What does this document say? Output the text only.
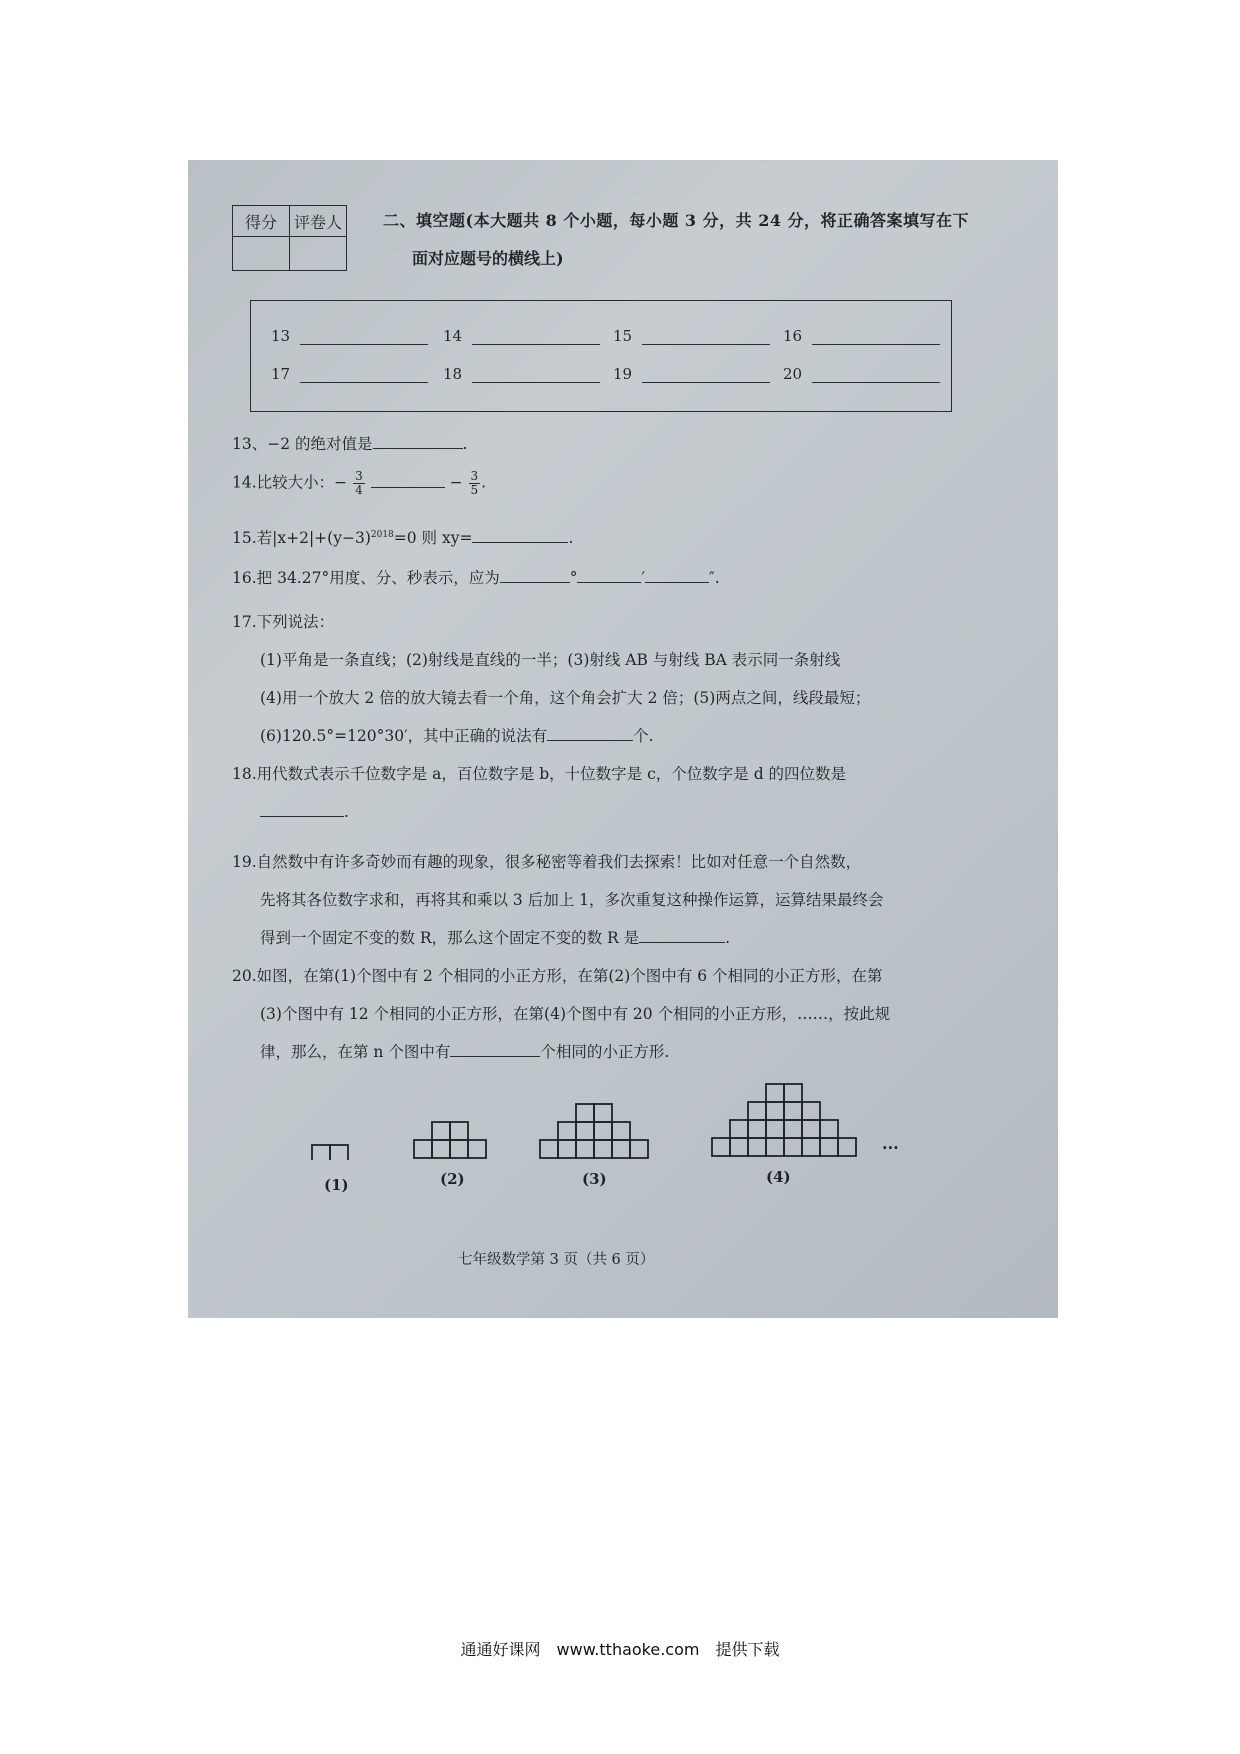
得分	评卷人
		二、填空题(本大题共 8 个小题，每小题 3 分，共 24 分，将正确答案填写在下
面对应题号的横线上)
13	14	15	16
17	18	19	20
13、−2 的绝对值是	.
14.比较大小：− $\frac{3}{4}$	− $\frac{3}{5}$ .
15.若$|x+2|+(y-3)^{2018}=0$ 则 xy=	.
16.把 34.27°用度、分、秒表示，应为	°	′	″.
17.下列说法：
(1)平角是一条直线；(2)射线是直线的一半；(3)射线 AB 与射线 BA 表示同一条射线
(4)用一个放大 2 倍的放大镜去看一个角，这个角会扩大 2 倍；(5)两点之间，线段最短；
(6)120.5°=120°30′，其中正确的说法有	个.
18.用代数式表示千位数字是 a，百位数字是 b，十位数字是 c，个位数字是 d 的四位数是
.
19.自然数中有许多奇妙而有趣的现象，很多秘密等着我们去探索！比如对任意一个自然数，
先将其各位数字求和，再将其和乘以 3 后加上 1，多次重复这种操作运算，运算结果最终会
得到一个固定不变的数 R，那么这个固定不变的数 R 是	.
20.如图，在第(1)个图中有 2 个相同的小正方形，在第(2)个图中有 6 个相同的小正方形，在第
(3)个图中有 12 个相同的小正方形，在第(4)个图中有 20 个相同的小正方形，……，按此规
律，那么，在第 n 个图中有	个相同的小正方形.
(1)	(2)	(3)	(4)
...
七年级数学第 3 页（共 6 页）
通通好课网　www.tthaoke.com　提供下载
